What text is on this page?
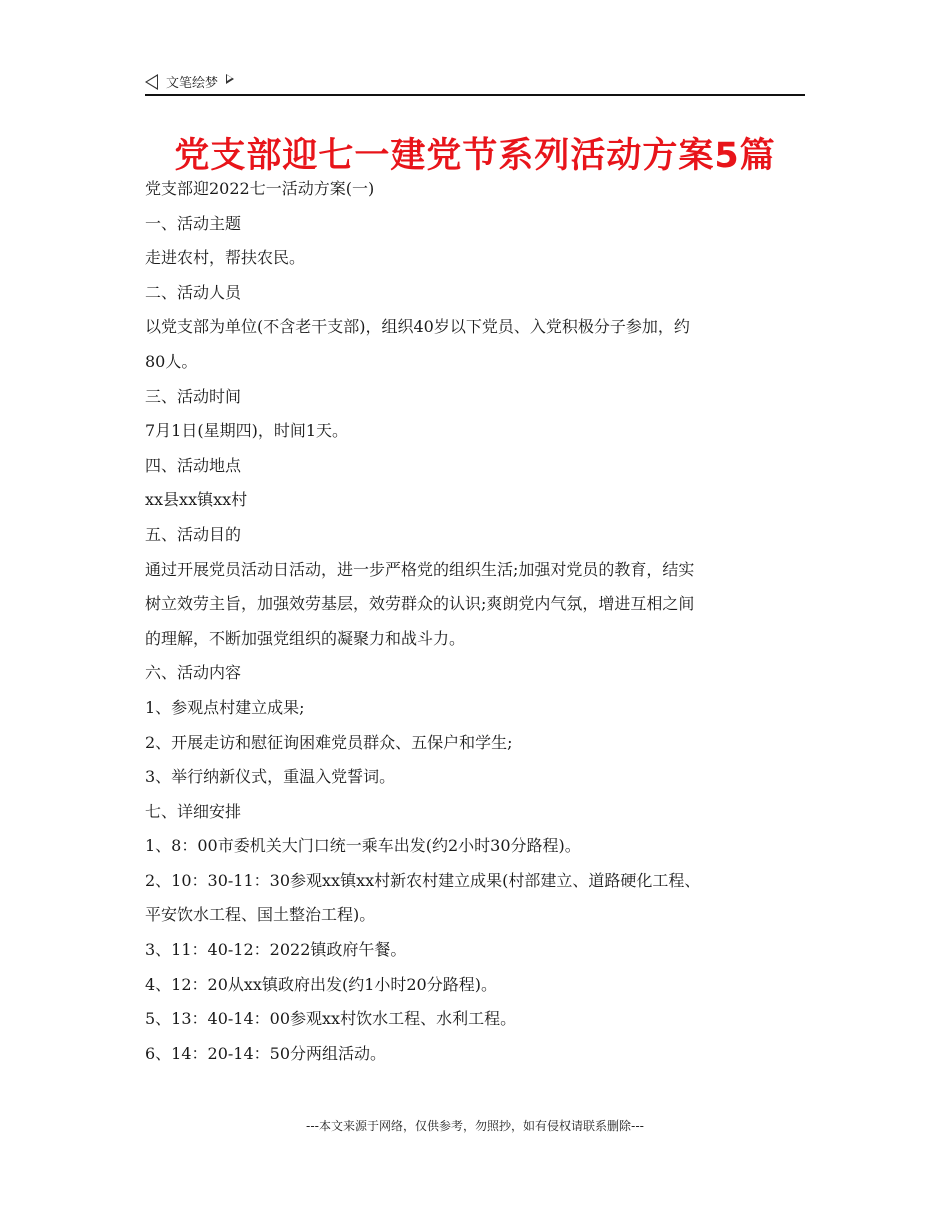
文笔绘梦
党支部迎七一建党节系列活动方案5篇

党支部迎2022七一活动方案(一)

一、活动主题

走进农村，帮扶农民。

二、活动人员

以党支部为单位(不含老干支部)，组织40岁以下党员、入党积极分子参加，约

80人。

三、活动时间

7月1日(星期四)，时间1天。

四、活动地点

xx县xx镇xx村

五、活动目的

通过开展党员活动日活动，进一步严格党的组织生活;加强对党员的教育，结实

树立效劳主旨，加强效劳基层，效劳群众的认识;爽朗党内气氛，增进互相之间

的理解，不断加强党组织的凝聚力和战斗力。

六、活动内容

1、参观点村建立成果;

2、开展走访和慰征询困难党员群众、五保户和学生;

3、举行纳新仪式，重温入党誓词。

七、详细安排

1、8：00市委机关大门口统一乘车出发(约2小时30分路程)。

2、10：30-11：30参观xx镇xx村新农村建立成果(村部建立、道路硬化工程、

平安饮水工程、国土整治工程)。

3、11：40-12：2022镇政府午餐。

4、12：20从xx镇政府出发(约1小时20分路程)。

5、13：40-14：00参观xx村饮水工程、水利工程。

6、14：20-14：50分两组活动。

---本文来源于网络，仅供参考，勿照抄，如有侵权请联系删除---
